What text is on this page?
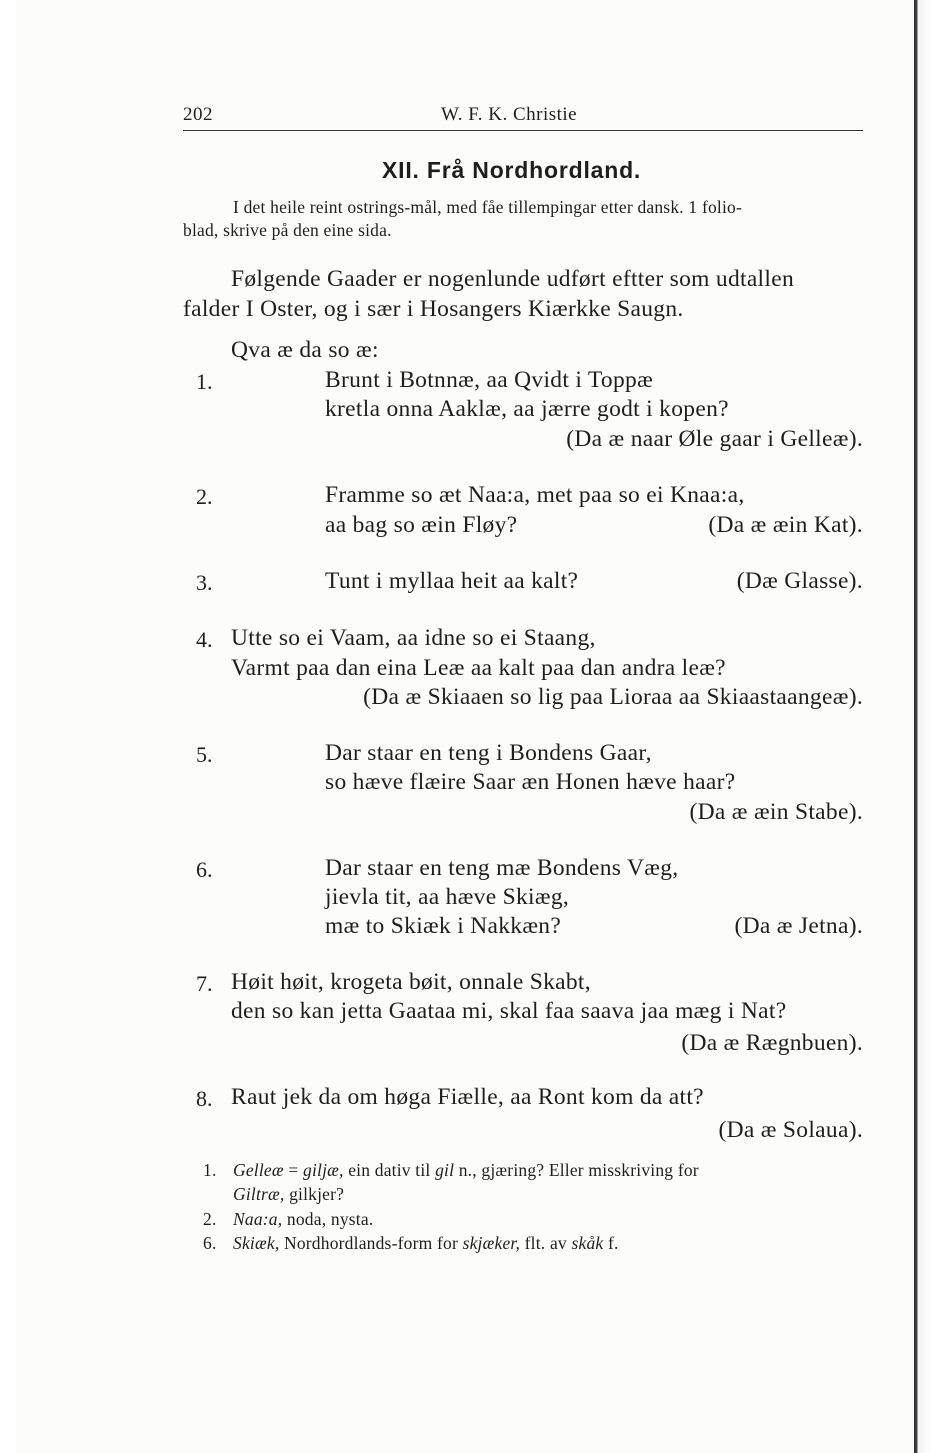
202	W. F. K. Christie
XII. Frå Nordhordland.
I det heile reint ostrings-mål, med fåe tillempingar etter dansk. 1 folio-
blad, skrive på den eine sida.
Følgende Gaader er nogenlunde udført eftter som udtallen
falder I Oster, og i sær i Hosangers Kiærkke Saugn.
Qva æ da so æ:
1.	Brunt i Botnnæ, aa Qvidt i Toppæ
kretla onna Aaklæ, aa jærre godt i kopen?
(Da æ naar Øle gaar i Gelleæ).
2.	Framme so æt Naa:a, met paa so ei Knaa:a,
aa bag so æin Fløy?	(Da æ æin Kat).
3.	Tunt i myllaa heit aa kalt?	(Dæ Glasse).
4. Utte so ei Vaam, aa idne so ei Staang,
Varmt paa dan eina Leæ aa kalt paa dan andra leæ?
(Da æ Skiaaen so lig paa Lioraa aa Skiaastaangeæ).
5.	Dar staar en teng i Bondens Gaar,
so hæve flæire Saar æn Honen hæve haar?
(Da æ æin Stabe).
6.	Dar staar en teng mæ Bondens Væg,
jievla tit, aa hæve Skiæg,
mæ to Skiæk i Nakkæn?	(Da æ Jetna).
7. Høit høit, krogeta bøit, onnale Skabt,
den so kan jetta Gaataa mi, skal faa saava jaa mæg i Nat?
(Da æ Rægnbuen).
8. Raut jek da om høga Fiælle, aa Ront kom da att?
(Da æ Solaua).
1. Gelleæ = gilјæ, ein dativ til gil n., gjæring? Eller misskriving for
Giltræ, gilkjer?
2. Naa:a, noda, nysta.
6. Skiæk, Nordhordlands-form for skjæker, flt. av skåk f.
